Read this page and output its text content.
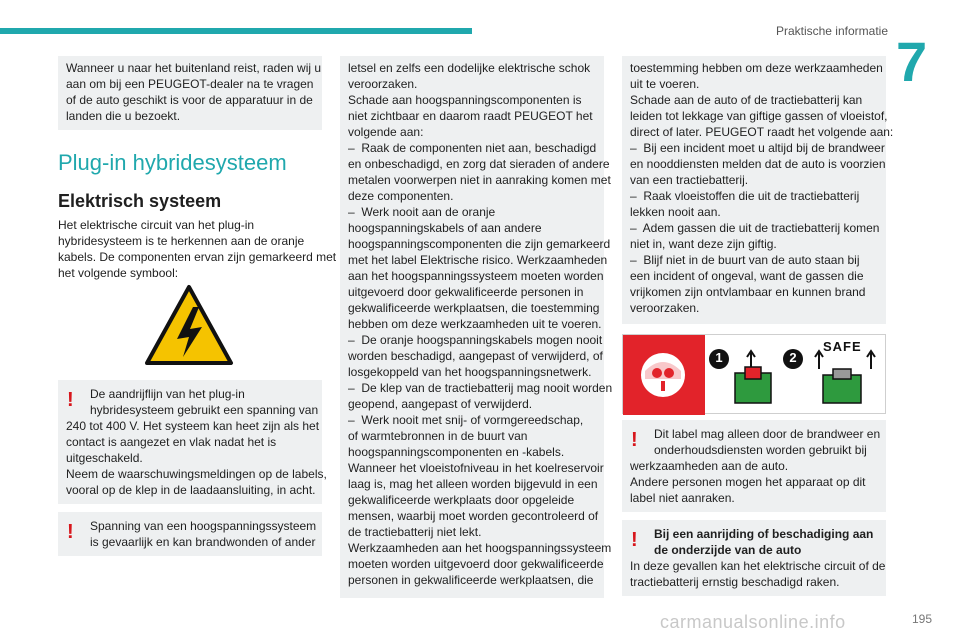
Praktische informatie 7
Wanneer u naar het buitenland reist, raden wij u
aan om bij een PEUGEOT-dealer na te vragen
of de auto geschikt is voor de apparatuur in de
landen die u bezoekt.
Plug-in hybridesysteem
Elektrisch systeem
Het elektrische circuit van het plug-in
hybridesysteem is te herkennen aan de oranje
kabels. De componenten ervan zijn gemarkeerd met
het volgende symbool:
!	De aandrijflijn van het plug-in
hybridesysteem gebruikt een spanning van
240 tot 400 V. Het systeem kan heet zijn als het
contact is aangezet en vlak nadat het is
uitgeschakeld.
Neem de waarschuwingsmeldingen op de labels,
vooral op de klep in de laadaansluiting, in acht.
!	Spanning van een hoogspanningssysteem
is gevaarlijk en kan brandwonden of ander
letsel en zelfs een dodelijke elektrische schok
veroorzaken.
Schade aan hoogspanningscomponenten is
niet zichtbaar en daarom raadt PEUGEOT het
volgende aan:
–  Raak de componenten niet aan, beschadigd
en onbeschadigd, en zorg dat sieraden of andere
metalen voorwerpen niet in aanraking komen met
deze componenten.
–  Werk nooit aan de oranje
hoogspanningskabels of aan andere
hoogspanningscomponenten die zijn gemarkeerd
met het label Elektrische risico. Werkzaamheden
aan het hoogspanningssysteem moeten worden
uitgevoerd door gekwalificeerde personen in
gekwalificeerde werkplaatsen, die toestemming
hebben om deze werkzaamheden uit te voeren.
–  De oranje hoogspanningskabels mogen nooit
worden beschadigd, aangepast of verwijderd, of
losgekoppeld van het hoogspanningsnetwerk.
–  De klep van de tractiebatterij mag nooit worden
geopend, aangepast of verwijderd.
–  Werk nooit met snij- of vormgereedschap,
of warmtebronnen in de buurt van
hoogspanningscomponenten en -kabels.
Wanneer het vloeistofniveau in het koelreservoir
laag is, mag het alleen worden bijgevuld in een
gekwalificeerde werkplaats door opgeleide
mensen, waarbij moet worden gecontroleerd of
de tractiebatterij niet lekt.
Werkzaamheden aan het hoogspanningssysteem
moeten worden uitgevoerd door gekwalificeerde
personen in gekwalificeerde werkplaatsen, die
toestemming hebben om deze werkzaamheden
uit te voeren.
Schade aan de auto of de tractiebatterij kan
leiden tot lekkage van giftige gassen of vloeistof,
direct of later. PEUGEOT raadt het volgende aan:
–  Bij een incident moet u altijd bij de brandweer
en nooddiensten melden dat de auto is voorzien
van een tractiebatterij.
–  Raak vloeistoffen die uit de tractiebatterij
lekken nooit aan.
–  Adem gassen die uit de tractiebatterij komen
niet in, want deze zijn giftig.
–  Blijf niet in de buurt van de auto staan bij
een incident of ongeval, want de gassen die
vrijkomen zijn ontvlambaar en kunnen brand
veroorzaken.
1	2
SAFE
!	Dit label mag alleen door de brandweer en
onderhoudsdiensten worden gebruikt bij
werkzaamheden aan de auto.
Andere personen mogen het apparaat op dit
label niet aanraken.
!	Bij een aanrijding of beschadiging aan
de onderzijde van de auto
In deze gevallen kan het elektrische circuit of de
tractiebatterij ernstig beschadigd raken.
carmanualsonline.info	195
